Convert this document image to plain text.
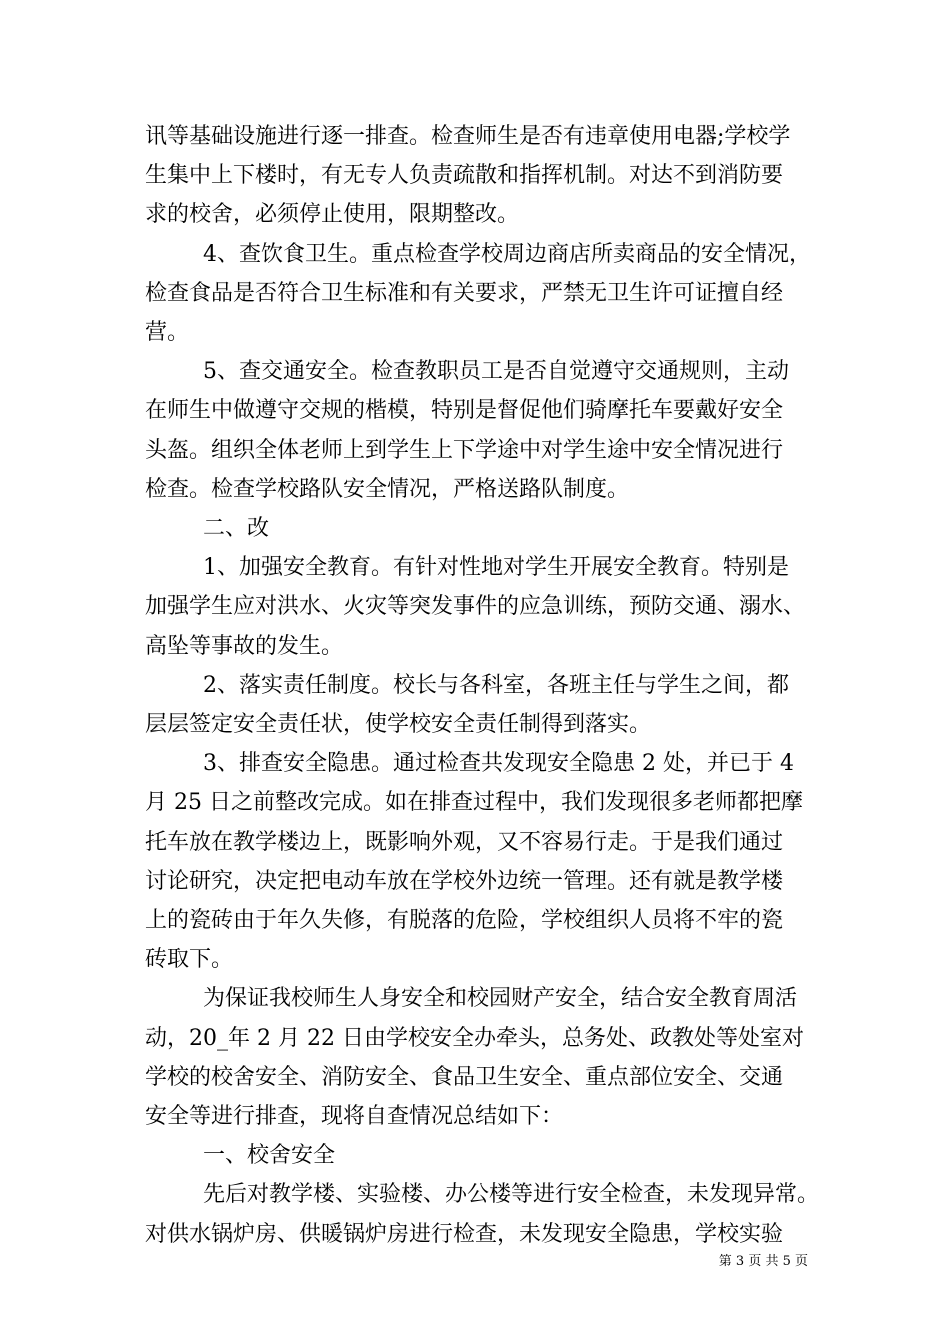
讯等基础设施进行逐一排查。检查师生是否有违章使用电器;学校学
生集中上下楼时，有无专人负责疏散和指挥机制。对达不到消防要
求的校舍，必须停止使用，限期整改。
4、查饮食卫生。重点检查学校周边商店所卖商品的安全情况，
检查食品是否符合卫生标准和有关要求，严禁无卫生许可证擅自经
营。
5、查交通安全。检查教职员工是否自觉遵守交通规则，主动
在师生中做遵守交规的楷模，特别是督促他们骑摩托车要戴好安全
头盔。组织全体老师上到学生上下学途中对学生途中安全情况进行
检查。检查学校路队安全情况，严格送路队制度。
二、改
1、加强安全教育。有针对性地对学生开展安全教育。特别是
加强学生应对洪水、火灾等突发事件的应急训练，预防交通、溺水、
高坠等事故的发生。
2、落实责任制度。校长与各科室，各班主任与学生之间，都
层层签定安全责任状，使学校安全责任制得到落实。
3、排查安全隐患。通过检查共发现安全隐患 2 处，并已于 4
月 25 日之前整改完成。如在排查过程中，我们发现很多老师都把摩
托车放在教学楼边上，既影响外观，又不容易行走。于是我们通过
讨论研究，决定把电动车放在学校外边统一管理。还有就是教学楼
上的瓷砖由于年久失修，有脱落的危险，学校组织人员将不牢的瓷
砖取下。
为保证我校师生人身安全和校园财产安全，结合安全教育周活
动，20_年 2 月 22 日由学校安全办牵头，总务处、政教处等处室对
学校的校舍安全、消防安全、食品卫生安全、重点部位安全、交通
安全等进行排查，现将自查情况总结如下：
一、校舍安全
先后对教学楼、实验楼、办公楼等进行安全检查，未发现异常。
对供水锅炉房、供暖锅炉房进行检查，未发现安全隐患，学校实验
第 3 页 共 5 页
